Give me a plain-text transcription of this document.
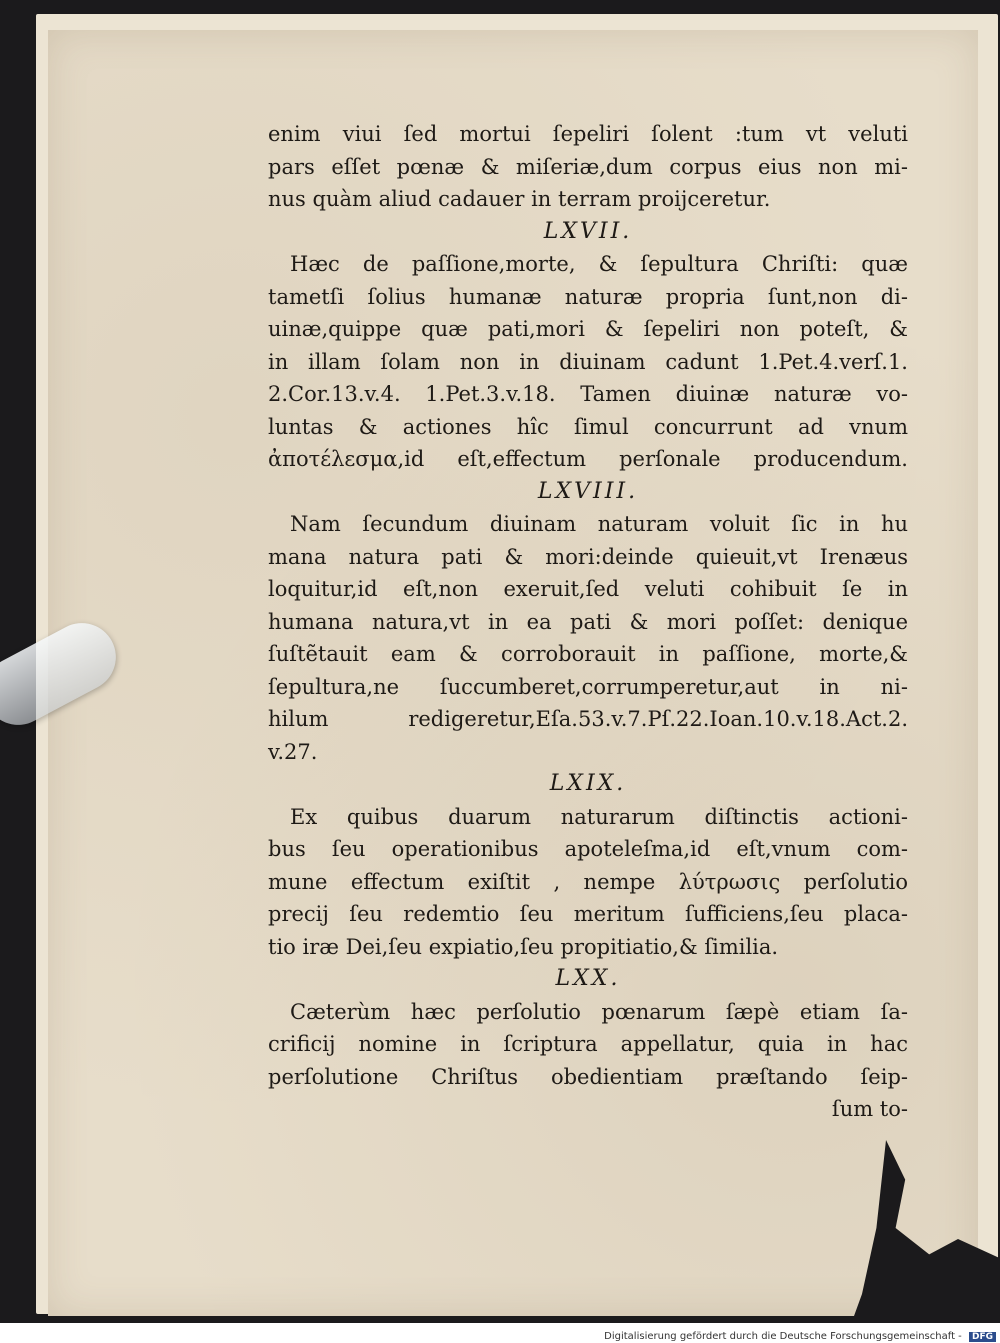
enim viui ſed mortui ſepeliri ſolent :tum vt veluti
pars eſſet pœnæ & miſeriæ,dum corpus eius non mi-
nus quàm aliud cadauer in terram proijceretur.
LXVII.
Hæc de paſſione,morte, & ſepultura Chriſti: quæ
tametſi ſolius humanæ naturæ propria ſunt,non di-
uinæ,quippe quæ pati,mori & ſepeliri non poteſt, &
in illam ſolam non in diuinam cadunt 1.Pet.4.verſ.1.
2.Cor.13.v.4. 1.Pet.3.v.18. Tamen diuinæ naturæ vo-
luntas & actiones hîc ſimul concurrunt ad vnum
ἀποτέλεσμα,id eſt,effectum perſonale producendum.
LXVIII.
Nam ſecundum diuinam naturam voluit ſic in hu
mana natura pati & mori:deinde quieuit,vt Irenæus
loquitur,id eſt,non exeruit,ſed veluti cohibuit ſe in
humana natura,vt in ea pati & mori poſſet: denique
ſuſtẽtauit eam & corroborauit in paſſione, morte,&
ſepultura,ne ſuccumberet,corrumperetur,aut in ni-
hilum redigeretur,Eſa.53.v.7.Pſ.22.Ioan.10.v.18.Act.2.
v.27.
LXIX.
Ex quibus duarum naturarum diſtinctis actioni-
bus ſeu operationibus apoteleſma,id eſt,vnum com-
mune effectum exiſtit , nempe λύτρωσις perſolutio
precij ſeu redemtio ſeu meritum ſufficiens,ſeu placa-
tio iræ Dei,ſeu expiatio,ſeu propitiatio,& ſimilia.
LXX.
Cæterùm hæc perſolutio pœnarum ſæpè etiam ſa-
crificij nomine in ſcriptura appellatur, quia in hac
perſolutione Chriſtus obedientiam præſtando ſeip-
ſum to-
Digitalisierung gefördert durch die Deutsche Forschungsgemeinschaft - DFG
